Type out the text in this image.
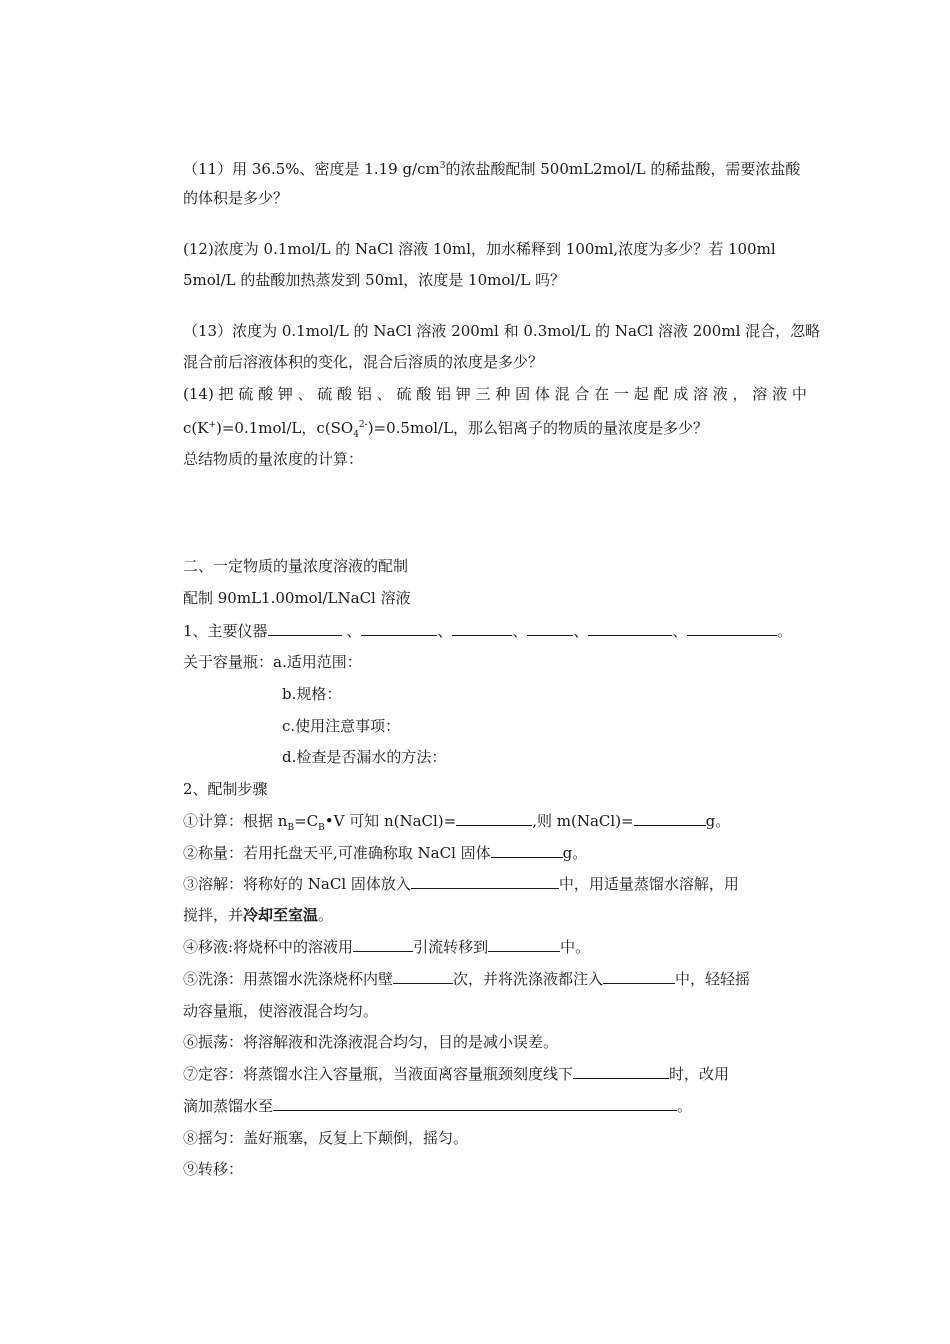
（11）用 36.5%、密度是 1.19 $g/cm^3$的浓盐酸配制 500mL2mol/L 的稀盐酸，需要浓盐酸
的体积是多少？
(12)浓度为 0.1mol/L 的 NaCl 溶液 10ml，加水稀释到 100ml,浓度为多少？若 100ml
5mol/L 的盐酸加热蒸发到 50ml，浓度是 10mol/L 吗？
（13）浓度为 0.1mol/L 的 NaCl 溶液 200ml 和 0.3mol/L 的 NaCl 溶液 200ml 混合，忽略
混合前后溶液体积的变化，混合后溶质的浓度是多少？
(14) 把 硫 酸 钾 、 硫 酸 铝 、 硫 酸 铝 钾 三 种 固 体 混 合 在 一 起 配 成 溶 液 ， 溶 液 中
c(K+)=0.1mol/L，$c(SO_4^{2-})=0.5mol/L$，那么铝离子的物质的量浓度是多少？
总结物质的量浓度的计算：
二、一定物质的量浓度溶液的配制
配制 90mL1.00mol/LNaCl 溶液
1、主要仪器	、	、	、	、	、	。
关于容量瓶：a.适用范围：
b.规格：
c.使用注意事项：
d.检查是否漏水的方法：
2、配制步骤
①计算：根据 $n_B=C_B•V$ 可知 n(NaCl)=	,则 m(NaCl)=	g。
②称量：若用托盘天平,可准确称取 NaCl 固体	g。
③溶解：将称好的 NaCl 固体放入	中，用适量蒸馏水溶解，用
搅拌，并冷却至室温。
④移液:将烧杯中的溶液用	引流转移到	中。
⑤洗涤：用蒸馏水洗涤烧杯内壁	次，并将洗涤液都注入	中，轻轻摇
动容量瓶，使溶液混合均匀。
⑥振荡：将溶解液和洗涤液混合均匀，目的是减小误差。
⑦定容：将蒸馏水注入容量瓶，当液面离容量瓶颈刻度线下	时，改用
滴加蒸馏水至	。
⑧摇匀：盖好瓶塞，反复上下颠倒，摇匀。
⑨转移：
